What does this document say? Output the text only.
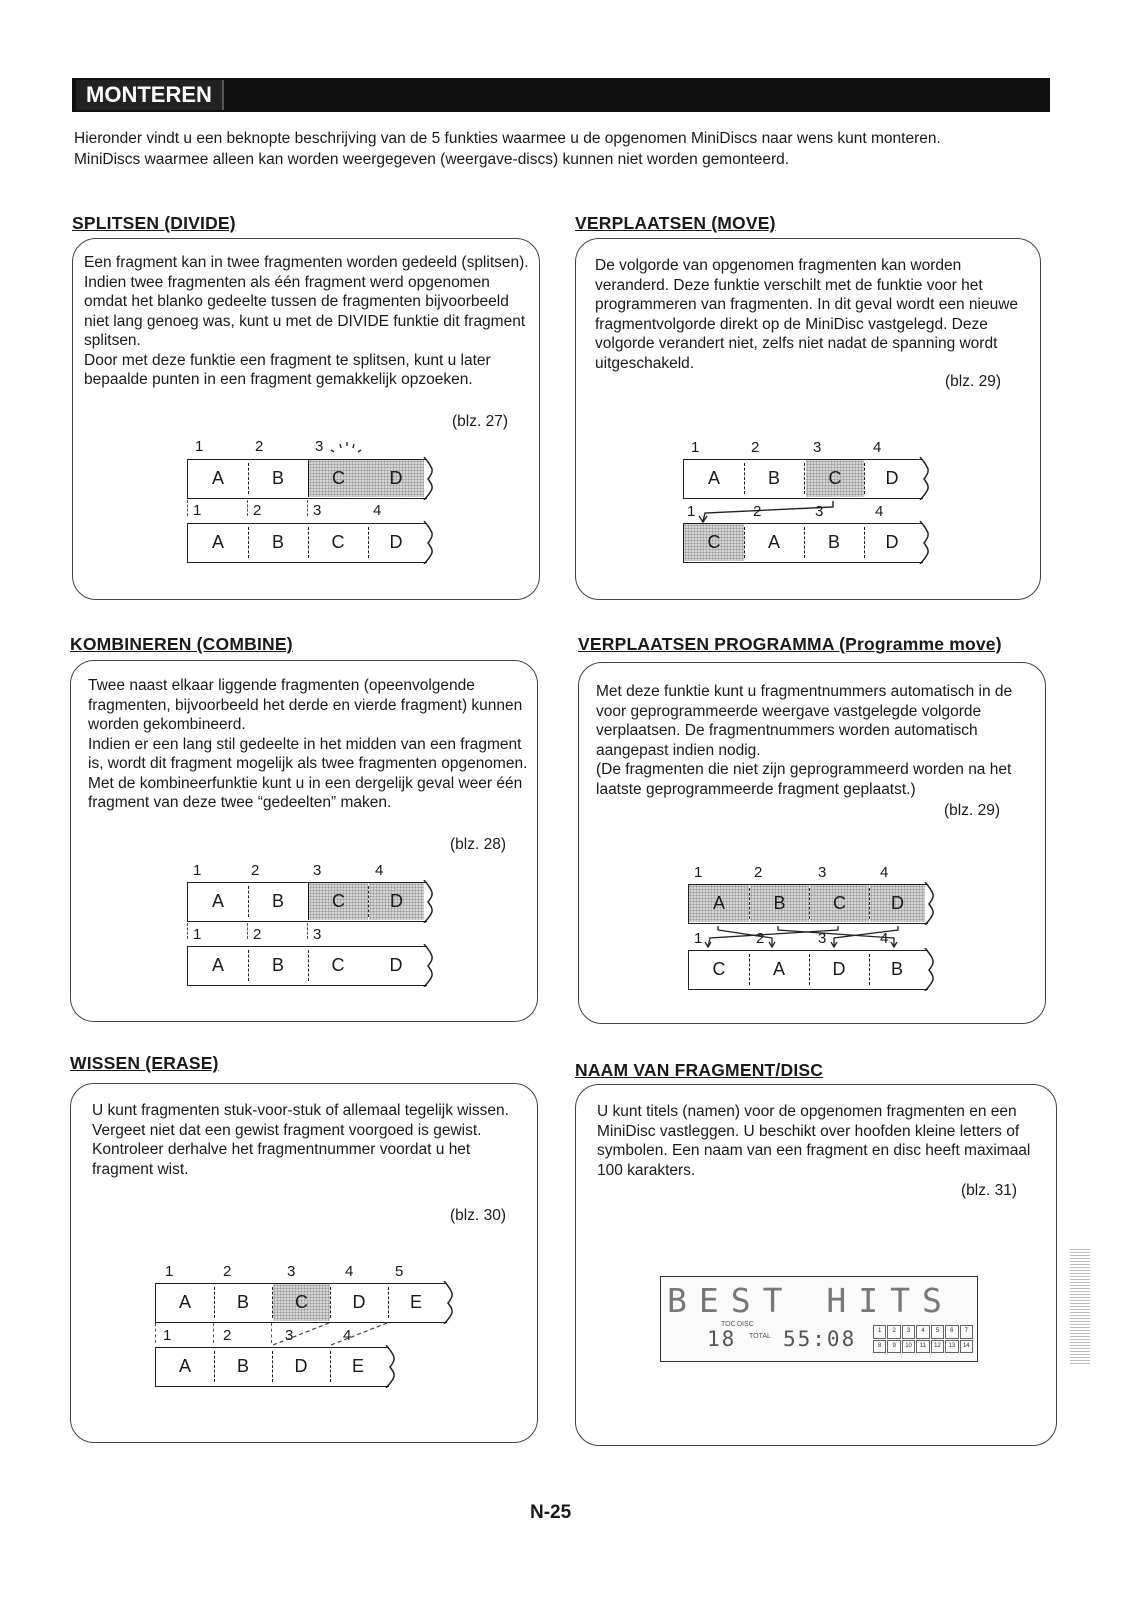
MONTEREN
Hieronder vindt u een beknopte beschrijving van de 5 funkties waarmee u de opgenomen MiniDiscs naar wens kunt monteren.
MiniDiscs waarmee alleen kan worden weergegeven (weergave-discs) kunnen niet worden gemonteerd.
SPLITSEN (DIVIDE)

Een fragment kan in twee fragmenten worden gedeeld (splitsen). Indien twee fragmenten als één fragment werd opgenomen omdat het blanko gedeelte tussen de fragmenten bijvoorbeeld niet lang genoeg was, kunt u met de DIVIDE funktie dit fragment splitsen.

Door met deze funktie een fragment te splitsen, kunt u later bepaalde punten in een fragment gemakkelijk opzoeken.

(blz. 27)
1	2	3
A	B	C	D
1	2	3	4
A	B	C	D
VERPLAATSEN (MOVE)

De volgorde van opgenomen fragmenten kan worden veranderd. Deze funktie verschilt met de funktie voor het programmeren van fragmenten. In dit geval wordt een nieuwe fragmentvolgorde direkt op de MiniDisc vastgelegd. Deze volgorde verandert niet, zelfs niet nadat de spanning wordt uitgeschakeld.

(blz. 29)
1	2	3	4
A	B	C	D
1	2	3	4
C	A	B	D
KOMBINEREN (COMBINE)

Twee naast elkaar liggende fragmenten (opeenvolgende fragmenten, bijvoorbeeld het derde en vierde fragment) kunnen worden gekombineerd.

Indien er een lang stil gedeelte in het midden van een fragment is, wordt dit fragment mogelijk als twee fragmenten opgenomen. Met de kombineerfunktie kunt u in een dergelijk geval weer één fragment van deze twee “gedeelten” maken.

(blz. 28)
1	2	3	4
A	B	C	D
1	2	3
A	B	C	D
VERPLAATSEN PROGRAMMA (Programme move)

Met deze funktie kunt u fragmentnummers automatisch in de voor geprogrammeerde weergave vastgelegde volgorde verplaatsen. De fragmentnummers worden automatisch aangepast indien nodig.

(De fragmenten die niet zijn geprogrammeerd worden na het laatste geprogrammeerde fragment geplaatst.)

(blz. 29)
1	2	3	4
A	B	C	D
1	2	3	4
C	A	D	B
WISSEN (ERASE)

U kunt fragmenten stuk-voor-stuk of allemaal tegelijk wissen.

Vergeet niet dat een gewist fragment voorgoed is gewist. Kontroleer derhalve het fragmentnummer voordat u het fragment wist.

(blz. 30)
1	2	3	4	5
A	B	C	D	E
1	2	3	4
A	B	D	E
NAAM VAN FRAGMENT/DISC

U kunt titels (namen) voor de opgenomen fragmenten en een MiniDisc vastleggen. U beschikt over hoofden kleine letters of symbolen. Een naam van een fragment en disc heeft maximaal 100 karakters.

(blz. 31)
BEST HITS
TOC DISC
18 TOTAL 55:08	1	2	3	4	5	6	7
8	9	10	11	12	13	14
N-25
